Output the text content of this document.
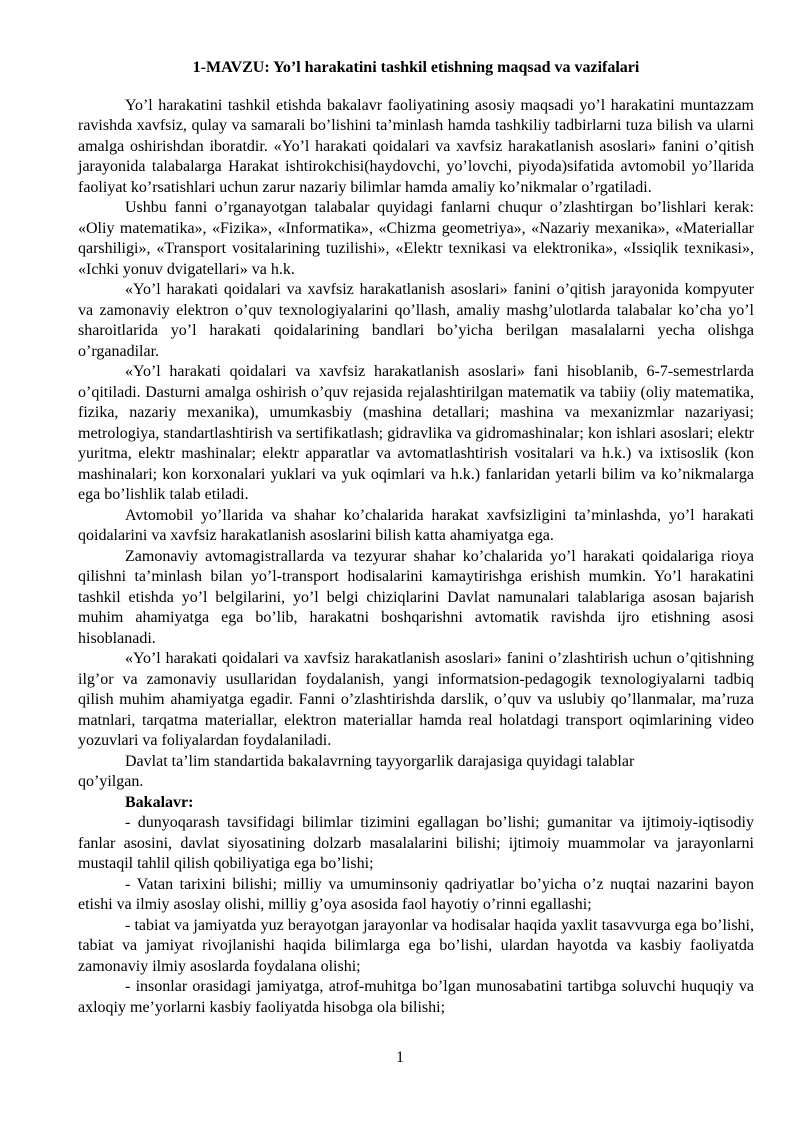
1-MAVZU: Yo’l harakatini tashkil etishning maqsad va vazifalari

Yo’l harakatini tashkil etishda bakalavr faoliyatining asosiy maqsadi yo’l harakatini muntazzam ravishda xavfsiz, qulay va samarali bo’lishini ta’minlash hamda tashkiliy tadbirlarni tuza bilish va ularni amalga oshirishdan iboratdir. «Yo’l harakati qoidalari va xavfsiz harakatlanish asoslari» fanini o’qitish jarayonida talabalarga Harakat ishtirokchisi(haydovchi, yo’lovchi, piyoda)sifatida avtomobil yo’llarida faoliyat ko’rsatishlari uchun zarur nazariy bilimlar hamda amaliy ko’nikmalar o’rgatiladi.

Ushbu fanni o’rganayotgan talabalar quyidagi fanlarni chuqur o’zlashtirgan bo’lishlari kerak: «Oliy matematika», «Fizika», «Informatika», «Chizma geometriya», «Nazariy mexanika», «Materiallar qarshiligi», «Transport vositalarining tuzilishi», «Elektr texnikasi va elektronika», «Issiqlik texnikasi», «Ichki yonuv dvigatellari» va h.k.

«Yo’l harakati qoidalari va xavfsiz harakatlanish asoslari» fanini o’qitish jarayonida kompyuter va zamonaviy elektron o’quv texnologiyalarini qo’llash, amaliy mashg’ulotlarda talabalar ko’cha yo’l sharoitlarida yo’l harakati qoidalarining bandlari bo’yicha berilgan masalalarni yecha olishga o’rganadilar.

«Yo’l harakati qoidalari va xavfsiz harakatlanish asoslari» fani hisoblanib, 6-7-semestrlarda o’qitiladi. Dasturni amalga oshirish o’quv rejasida rejalashtirilgan matematik va tabiiy (oliy matematika, fizika, nazariy mexanika), umumkasbiy (mashina detallari; mashina va mexanizmlar nazariyasi; metrologiya, standartlashtirish va sertifikatlash; gidravlika va gidromashinalar; kon ishlari asoslari; elektr yuritma, elektr mashinalar; elektr apparatlar va avtomatlashtirish vositalari va h.k.) va ixtisoslik (kon mashinalari; kon korxonalari yuklari va yuk oqimlari va h.k.) fanlaridan yetarli bilim va ko’nikmalarga ega bo’lishlik talab etiladi.

Avtomobil yo’llarida va shahar ko’chalarida harakat xavfsizligini ta’minlashda, yo’l harakati qoidalarini va xavfsiz harakatlanish asoslarini bilish katta ahamiyatga ega.

Zamonaviy avtomagistrallarda va tezyurar shahar ko’chalarida yo’l harakati qoidalariga rioya qilishni ta’minlash bilan yo’l-transport hodisalarini kamaytirishga erishish mumkin. Yo’l harakatini tashkil etishda yo’l belgilarini, yo’l belgi chiziqlarini Davlat namunalari talablariga asosan bajarish muhim ahamiyatga ega bo’lib, harakatni boshqarishni avtomatik ravishda ijro etishning asosi hisoblanadi.

«Yo’l harakati qoidalari va xavfsiz harakatlanish asoslari» fanini o’zlashtirish uchun o’qitishning ilg’or va zamonaviy usullaridan foydalanish, yangi informatsion-pedagogik texnologiyalarni tadbiq qilish muhim ahamiyatga egadir. Fanni o’zlashtirishda darslik, o’quv va uslubiy qo’llanmalar, ma’ruza matnlari, tarqatma materiallar, elektron materiallar hamda real holatdagi transport oqimlarining video yozuvlari va foliyalardan foydalaniladi.

Davlat ta’lim standartida bakalavrning tayyorgarlik darajasiga quyidagi talablar

qo’yilgan.

Bakalavr:

- dunyoqarash tavsifidagi bilimlar tizimini egallagan bo’lishi; gumanitar va ijtimoiy-iqtisodiy fanlar asosini, davlat siyosatining dolzarb masalalarini bilishi; ijtimoiy muammolar va jarayonlarni mustaqil tahlil qilish qobiliyatiga ega bo’lishi;

- Vatan tarixini bilishi; milliy va umuminsoniy qadriyatlar bo’yicha o’z nuqtai nazarini bayon etishi va ilmiy asoslay olishi, milliy g’oya asosida faol hayotiy o’rinni egallashi;

- tabiat va jamiyatda yuz berayotgan jarayonlar va hodisalar haqida yaxlit tasavvurga ega bo’lishi, tabiat va jamiyat rivojlanishi haqida bilimlarga ega bo’lishi, ulardan hayotda va kasbiy faoliyatda zamonaviy ilmiy asoslarda foydalana olishi;

- insonlar orasidagi jamiyatga, atrof-muhitga bo’lgan munosabatini tartibga soluvchi huquqiy va axloqiy me’yorlarni kasbiy faoliyatda hisobga ola bilishi;

1
